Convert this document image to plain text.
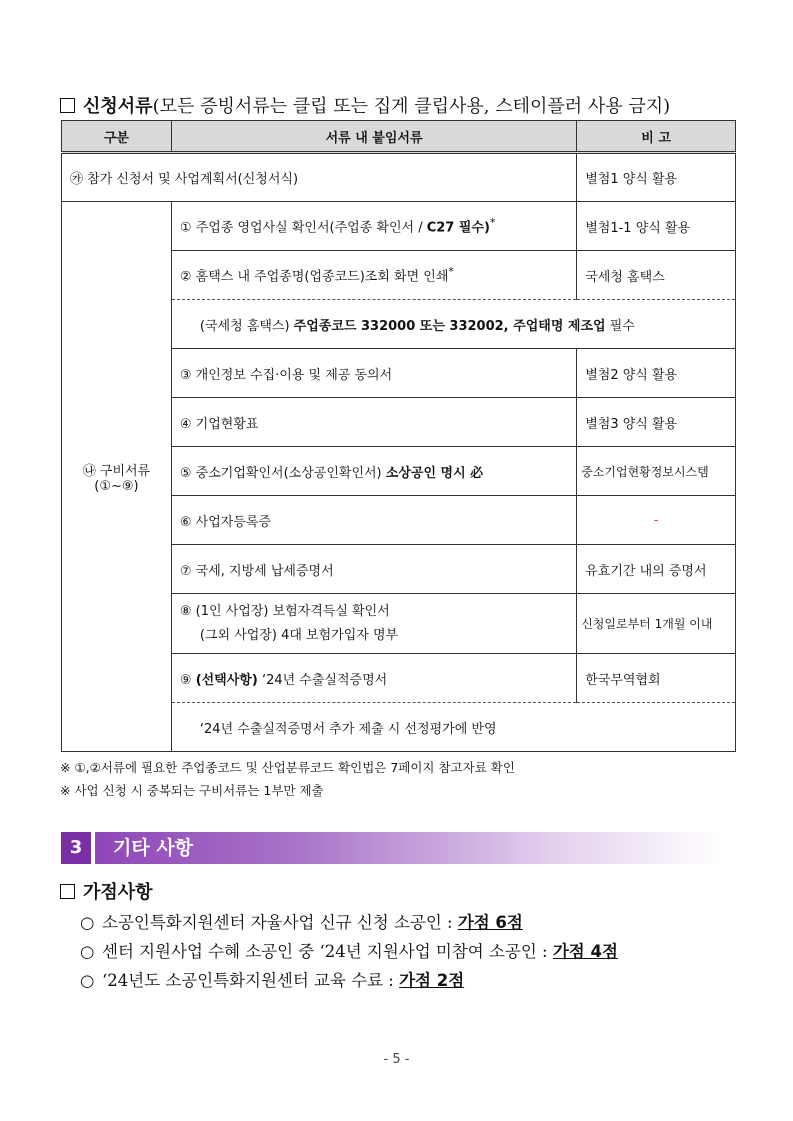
신청서류(모든 증빙서류는 클립 또는 집게 클립사용, 스테이플러 사용 금지)
구분	서류 내 붙임서류	비 고
㉮ 참가 신청서 및 사업계획서(신청서식)		별첨1 양식 활용

㉯ 구비서류
(①~⑨)	① 주업종 영업사실 확인서(주업종 확인서 / C27 필수)*	별첨1-1 양식 활용
	② 홈택스 내 주업종명(업종코드)조회 화면 인쇄*	국세청 홈택스
	(국세청 홈택스) 주업종코드 332000 또는 332002, 주업태명 제조업 필수	
	③ 개인정보 수집·이용 및 제공 동의서	별첨2 양식 활용
	④ 기업현황표	별첨3 양식 활용
	⑤ 중소기업확인서(소상공인확인서) 소상공인 명시 必	중소기업현황정보시스템
	⑥ 사업자등록증	-
	⑦ 국세, 지방세 납세증명서	유효기간 내의 증명서

	⑧ (1인 사업장) 보험자격득실 확인서
(그외 사업장) 4대 보험가입자 명부	신청일로부터 1개월 이내
	⑨ (선택사항) ‘24년 수출실적증명서	한국무역협회
	‘24년 수출실적증명서 추가 제출 시 선정평가에 반영	
※ ①,②서류에 필요한 주업종코드 및 산업분류코드 확인법은 7페이지 참고자료 확인
※ 사업 신청 시 중복되는 구비서류는 1부만 제출
3	기타 사항
가점사항
○ 소공인특화지원센터 자율사업 신규 신청 소공인 : 가점 6점
○ 센터 지원사업 수혜 소공인 중 ‘24년 지원사업 미참여 소공인 : 가점 4점
○ ‘24년도 소공인특화지원센터 교육 수료 : 가점 2점
- 5 -
